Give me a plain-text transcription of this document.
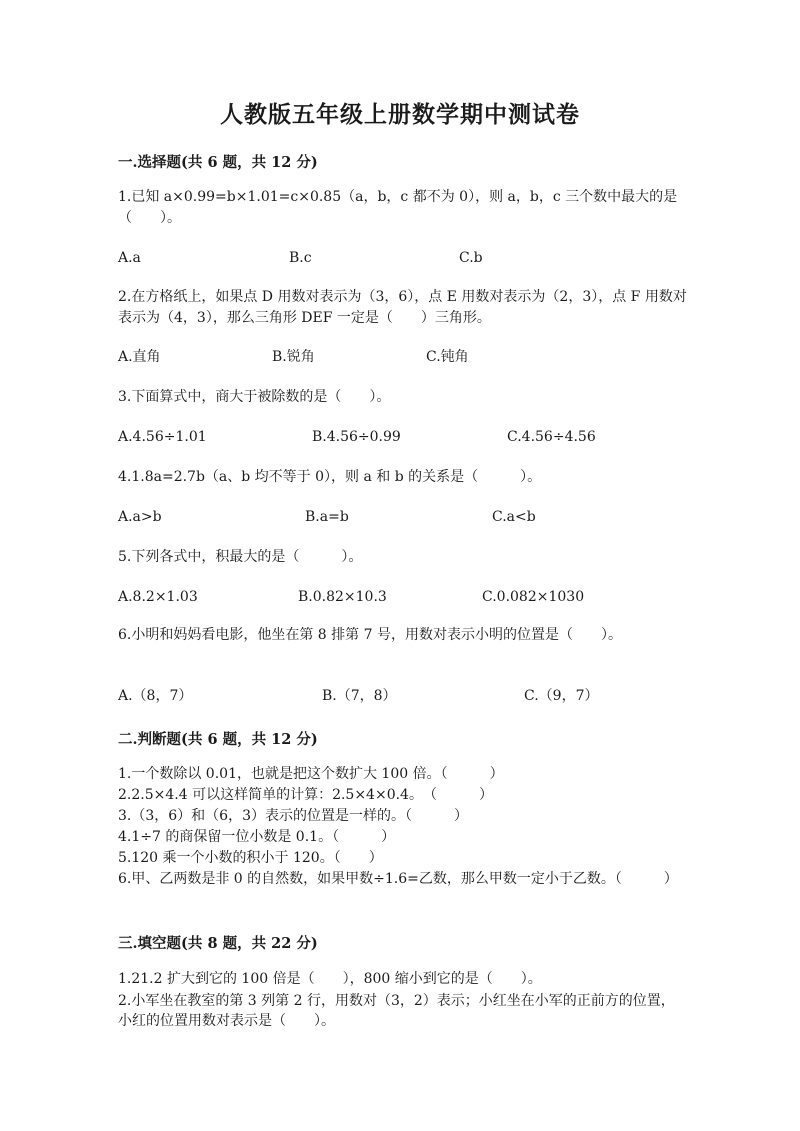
人教版五年级上册数学期中测试卷
一.选择题(共 6 题，共 12 分)
1.已知 a×0.99=b×1.01=c×0.85（a，b，c 都不为 0），则 a，b，c 三个数中最大的是（　　）。
A.a	B.c	C.b
2.在方格纸上，如果点 D 用数对表示为（3，6），点 E 用数对表示为（2，3），点 F 用数对表示为（4，3），那么三角形 DEF 一定是（　　）三角形。
A.直角	B.锐角	C.钝角
3.下面算式中，商大于被除数的是（　　）。
A.4.56÷1.01	B.4.56÷0.99	C.4.56÷4.56
4.1.8a=2.7b（a、b 均不等于 0），则 a 和 b 的关系是（　　　）。
A.a>b	B.a=b	C.a<b
5.下列各式中，积最大的是（　　　）。
A.8.2×1.03	B.0.82×10.3	C.0.082×1030
6.小明和妈妈看电影，他坐在第 8 排第 7 号，用数对表示小明的位置是（　　）。
A.（8，7）	B.（7，8）	C.（9，7）
二.判断题(共 6 题，共 12 分)
1.一个数除以 0.01，也就是把这个数扩大 100 倍。（　　　）
2.2.5×4.4 可以这样简单的计算：2.5×4×0.4。　（　　　）
3.（3，6）和（6，3）表示的位置是一样的。（　　　）
4.1÷7 的商保留一位小数是 0.1。（　　　）
5.120 乘一个小数的积小于 120。（　　）
6.甲、乙两数是非 0 的自然数，如果甲数÷1.6=乙数，那么甲数一定小于乙数。（　　　）
三.填空题(共 8 题，共 22 分)
1.21.2 扩大到它的 100 倍是（　　），800 缩小到它的是（　　）。
2.小军坐在教室的第 3 列第 2 行，用数对（3，2）表示；小红坐在小军的正前方的位置，小红的位置用数对表示是（　　）。
